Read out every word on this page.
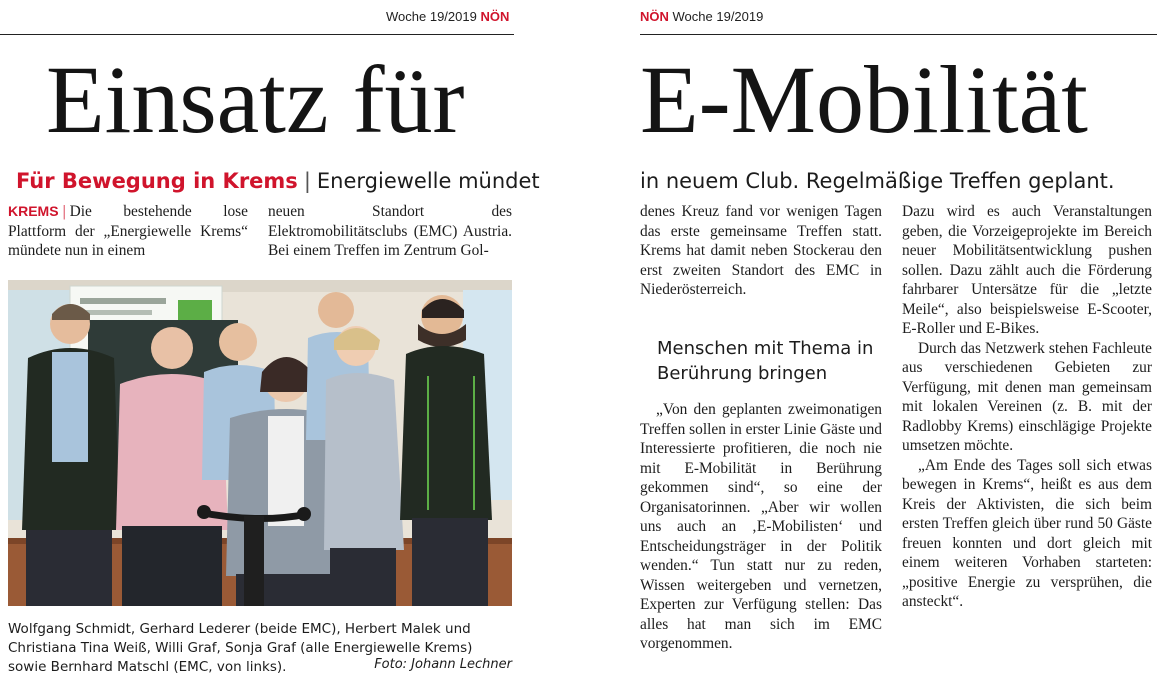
Woche 19/2019 NÖN	NÖN Woche 19/2019
Einsatz für E-Mobilität
Für Bewegung in Krems | Energiewelle mündet	in neuem Club. Regelmäßige Treffen geplant.

KREMS | Die bestehende lose Plattform der „Energiewelle Krems“ mündete nun in einem

neuen Standort des Elektromobilitätsclubs (EMC) Austria. Bei einem Treffen im Zentrum Gol-

Wolfgang Schmidt, Gerhard Lederer (beide EMC), Herbert Malek und Christiana Tina Weiß, Willi Graf, Sonja Graf (alle Energiewelle Krems) sowie Bernhard Matschl (EMC, von links).	Foto: Johann Lechner

denes Kreuz fand vor wenigen Tagen das erste gemeinsame Treffen statt. Krems hat damit neben Stockerau den erst zweiten Standort des EMC in Niederösterreich.

Menschen mit Thema in Berührung bringen

„Von den geplanten zweimonatigen Treffen sollen in erster Linie Gäste und Interessierte profitieren, die noch nie mit E-Mobilität in Berührung gekommen sind“, so eine der Organisatorinnen. „Aber wir wollen uns auch an ‚E-Mobilisten‘ und Entscheidungsträger in der Politik wenden.“ Tun statt nur zu reden, Wissen weitergeben und vernetzen, Experten zur Verfügung stellen: Das alles hat man sich im EMC vorgenommen.

Dazu wird es auch Veranstaltungen geben, die Vorzeigeprojekte im Bereich neuer Mobilitätsentwicklung pushen sollen. Dazu zählt auch die Förderung fahrbarer Untersätze für die „letzte Meile“, also beispielsweise E-Scooter, E-Roller und E-Bikes.

Durch das Netzwerk stehen Fachleute aus verschiedenen Gebieten zur Verfügung, mit denen man gemeinsam mit lokalen Vereinen (z. B. mit der Radlobby Krems) einschlägige Projekte umsetzen möchte.

„Am Ende des Tages soll sich etwas bewegen in Krems“, heißt es aus dem Kreis der Aktivisten, die sich beim ersten Treffen gleich über rund 50 Gäste freuen konnten und dort gleich mit einem weiteren Vorhaben starteten: „positive Energie zu versprühen, die ansteckt“.
